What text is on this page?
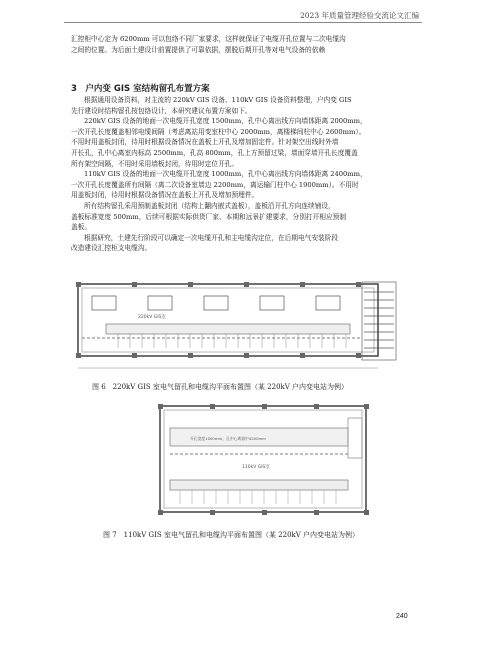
2023 年质量管理经验交流论文汇编
汇控柜中心定为 6200mm 可以包络不同厂家要求，这样就保证了电缆开孔位置与二次电缆沟
之间的位置。为后面土建设计前置提供了可靠依据，摆脱后期开孔等对电气设备的依赖
3　户内变 GIS 室结构留孔布置方案
根据通用设备资料，对主流的 220kV GIS 设备、110kV GIS 设备资料整理，户内变 GIS
先行建设时结构留孔按包络设计，本研究建议布置方案如下。
220kV GIS 设备的地面一次电缆开孔宽度 1500mm，孔中心离出线方向墙体距离 2000mm，
一次开孔长度覆盖相邻电缆间隔（考虑离站用变室柱中心 2000mm，离楼梯间柱中心 2600mm）。
不用时用盖板封闭，待用时根据设备情况在盖板上开孔及增加固定件。针对架空出线时外墙
开长孔，孔中心离室内标高 2500mm，孔高 800mm，孔上方预留过梁，墙面穿墙开孔长度覆盖
所有架空间隔，不用时采用墙板封闭，待用时定位开孔。
110kV GIS 设备的地面一次电缆开孔宽度 1000mm，孔中心离出线方向墙体距离 2400mm，
一次开孔长度覆盖所有间隔（离二次设备室墙边 2200mm，离运输门柱中心 1900mm）。不用时
用盖板封闭，待用时根据设备情况在盖板上开孔及增加预埋件。
所有结构留孔采用预制盖板封闭（结构上翻内嵌式盖板），盖板沿开孔方向连续铺设，
盖板标准宽度 500mm，后续可根据实际供货厂家、本期和远景扩建要求，分别打开相应预制
盖板。
根据研究，土建先行阶段可以确定一次电缆开孔和主电缆沟定位，在后期电气安装阶段
改造建设汇控柜支电缆沟。
220kV GIS室
图 6　220kV GIS 室电气留孔和电缆沟平面布置图（某 220kV 户内变电站为例）
开孔宽度1000mm，孔中心离墙中4200mm
110kV GIS室
图 7　110kV GIS 室电气留孔和电缆沟平面布置图（某 220kV 户内变电站为例）
240
